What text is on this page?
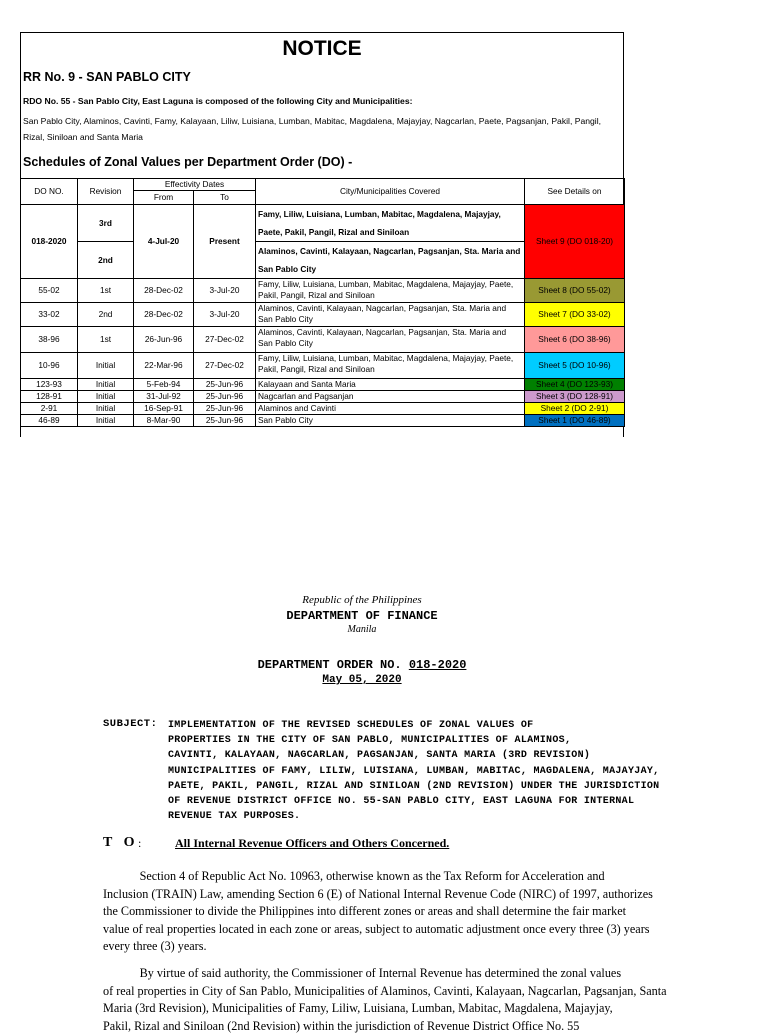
NOTICE
RR No. 9 - SAN PABLO CITY
RDO No. 55 - San Pablo City, East Laguna is composed of the following City and Municipalities:
San Pablo City, Alaminos, Cavinti, Famy, Kalayaan, Liliw, Luisiana, Lumban, Mabitac, Magdalena, Majayjay, Nagcarlan, Paete, Pagsanjan, Pakil, Pangil, Rizal, Siniloan and Santa Maria
Schedules of Zonal Values per Department Order (DO) -
DO NO.	Revision	Effectivity Dates		City/Municipalities Covered	See Details on
		From	To		
018-2020	3rd	4-Jul-20	Present	Famy, Liliw, Luisiana, Lumban, Mabitac, Magdalena, Majayjay, Paete, Pakil, Pangil, Rizal and Siniloan	Sheet 9 (DO 018-20)
	2nd			Alaminos, Cavinti, Kalayaan, Nagcarlan, Pagsanjan, Sta. Maria and San Pablo City	
55-02	1st	28-Dec-02	3-Jul-20	Famy, Liliw, Luisiana, Lumban, Mabitac, Magdalena, Majayjay, Paete, Pakil, Pangil, Rizal and Siniloan	Sheet 8 (DO 55-02)
33-02	2nd	28-Dec-02	3-Jul-20	Alaminos, Cavinti, Kalayaan, Nagcarlan, Pagsanjan, Sta. Maria and San Pablo City	Sheet 7 (DO 33-02)
38-96	1st	26-Jun-96	27-Dec-02	Alaminos, Cavinti, Kalayaan, Nagcarlan, Pagsanjan, Sta. Maria and San Pablo City	Sheet 6 (DO 38-96)
10-96	Initial	22-Mar-96	27-Dec-02	Famy, Liliw, Luisiana, Lumban, Mabitac, Magdalena, Majayjay, Paete, Pakil, Pangil, Rizal and Siniloan	Sheet 5 (DO 10-96)
123-93	Initial	5-Feb-94	25-Jun-96	Kalayaan and Santa Maria	Sheet 4 (DO 123-93)
128-91	Initial	31-Jul-92	25-Jun-96	Nagcarlan and Pagsanjan	Sheet 3 (DO 128-91)
2-91	Initial	16-Sep-91	25-Jun-96	Alaminos and Cavinti	Sheet 2 (DO 2-91)
46-89	Initial	8-Mar-90	25-Jun-96	San Pablo City	Sheet 1 (DO 46-89)
Republic of the Philippines
DEPARTMENT OF FINANCE
Manila
DEPARTMENT ORDER NO. 018-2020
May 05, 2020
SUBJECT: IMPLEMENTATION OF THE REVISED SCHEDULES OF ZONAL VALUES OF
PROPERTIES IN THE CITY OF SAN PABLO, MUNICIPALITIES OF ALAMINOS,
CAVINTI, KALAYAAN, NAGCARLAN, PAGSANJAN, SANTA MARIA (3RD REVISION)
MUNICIPALITIES OF FAMY, LILIW, LUISIANA, LUMBAN, MABITAC, MAGDALENA, MAJAYJAY,
PAETE, PAKIL, PANGIL, RIZAL AND SINILOAN (2ND REVISION) UNDER THE JURISDICTION
OF REVENUE DISTRICT OFFICE NO. 55-SAN PABLO CITY, EAST LAGUNA FOR INTERNAL
REVENUE TAX PURPOSES.
T O :	All Internal Revenue Officers and Others Concerned.
Section 4 of Republic Act No. 10963, otherwise known as the Tax Reform for Acceleration and
Inclusion (TRAIN) Law, amending Section 6 (E) of National Internal Revenue Code (NIRC) of 1997, authorizes
the Commissioner to divide the Philippines into different zones or areas and shall determine the fair market
value of real properties located in each zone or areas, subject to automatic adjustment once every three (3) years
every three (3) years.
By virtue of said authority, the Commissioner of Internal Revenue has determined the zonal values
of real properties in City of San Pablo, Municipalities of Alaminos, Cavinti, Kalayaan, Nagcarlan, Pagsanjan, Santa
Maria (3rd Revision), Municipalities of Famy, Liliw, Luisiana, Lumban, Mabitac, Magdalena, Majayjay,
Pakil, Rizal and Siniloan (2nd Revision) within the jurisdiction of Revenue District Office No. 55
